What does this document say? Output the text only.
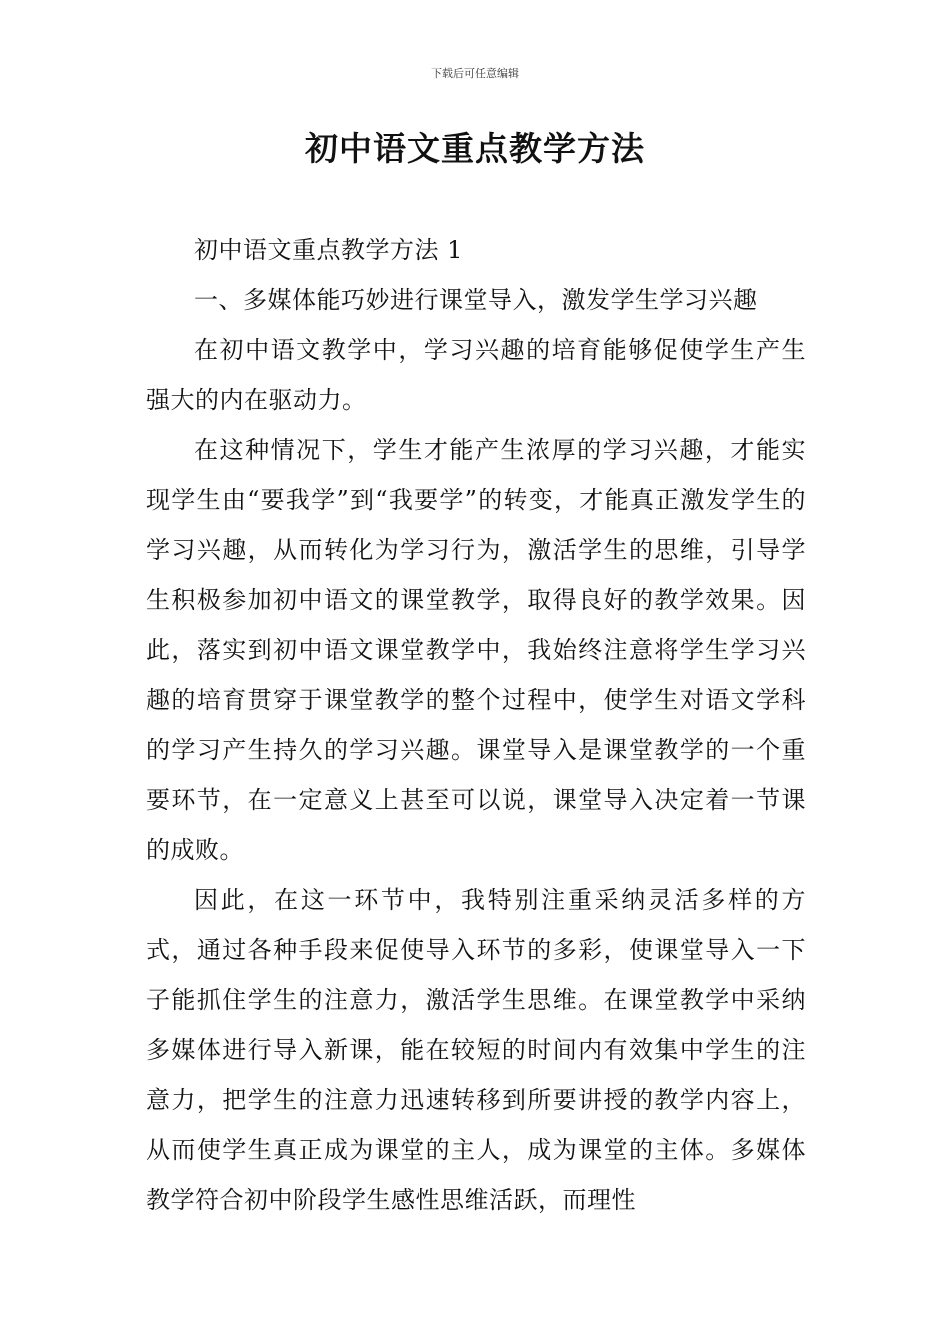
下载后可任意编辑
初中语文重点教学方法

初中语文重点教学方法 1

一、多媒体能巧妙进行课堂导入，激发学生学习兴趣

在初中语文教学中，学习兴趣的培育能够促使学生产生强大的内在驱动力。

在这种情况下，学生才能产生浓厚的学习兴趣，才能实现学生由“要我学”到“我要学”的转变，才能真正激发学生的学习兴趣，从而转化为学习行为，激活学生的思维，引导学生积极参加初中语文的课堂教学，取得良好的教学效果。因此，落实到初中语文课堂教学中，我始终注意将学生学习兴趣的培育贯穿于课堂教学的整个过程中，使学生对语文学科的学习产生持久的学习兴趣。课堂导入是课堂教学的一个重要环节，在一定意义上甚至可以说，课堂导入决定着一节课的成败。

因此，在这一环节中，我特别注重采纳灵活多样的方式，通过各种手段来促使导入环节的多彩，使课堂导入一下子能抓住学生的注意力，激活学生思维。在课堂教学中采纳多媒体进行导入新课，能在较短的时间内有效集中学生的注意力，把学生的注意力迅速转移到所要讲授的教学内容上，从而使学生真正成为课堂的主人，成为课堂的主体。多媒体教学符合初中阶段学生感性思维活跃，而理性
